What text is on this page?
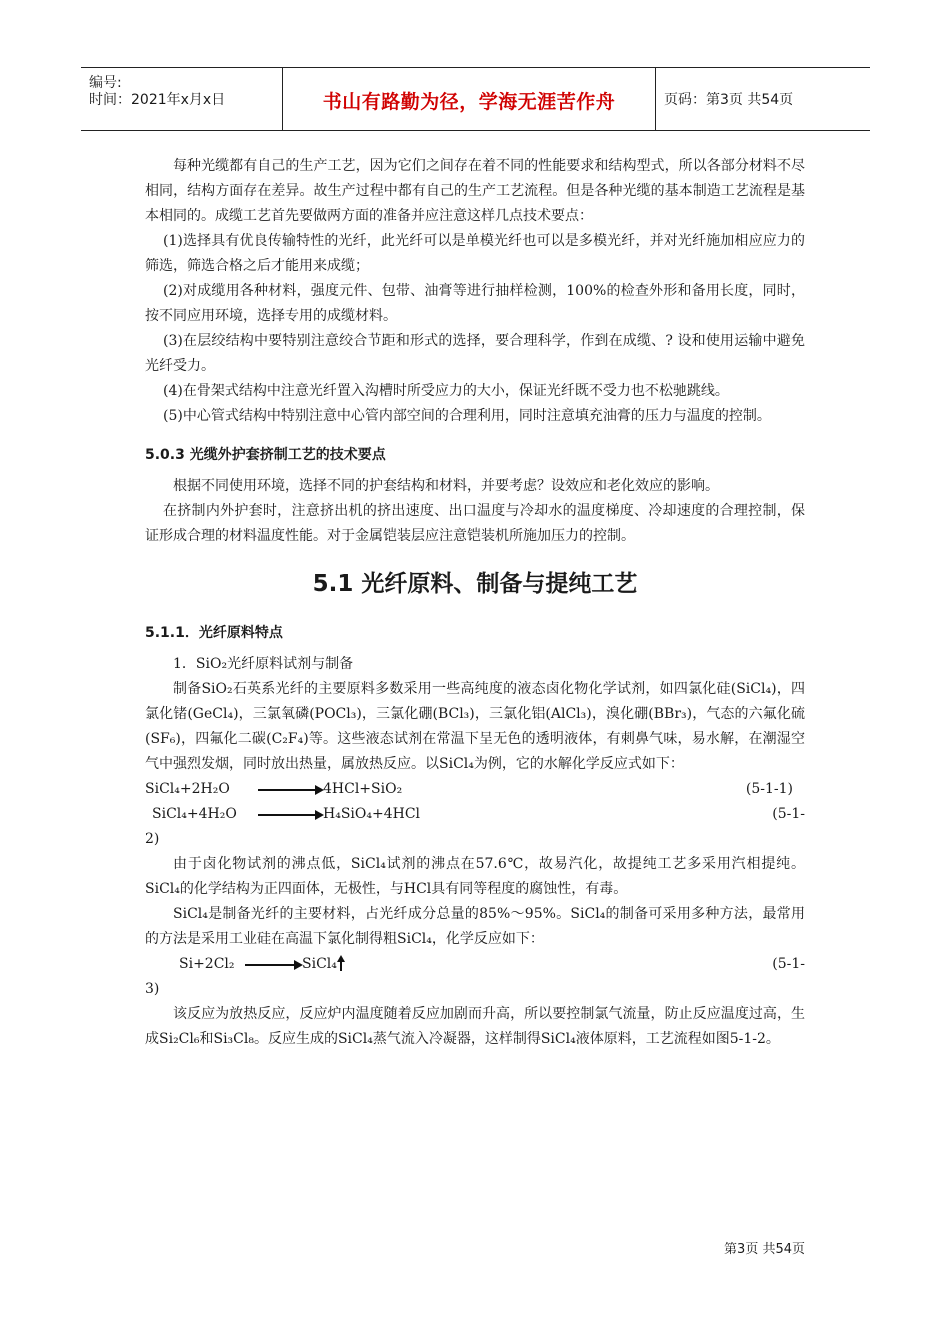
编号:
时间：2021年x月x日	书山有路勤为径，学海无涯苦作舟	页码：第3页 共54页

每种光缆都有自己的生产工艺，因为它们之间存在着不同的性能要求和结构型式，所以各部分材料不尽相同，结构方面存在差异。故生产过程中都有自己的生产工艺流程。但是各种光缆的基本制造工艺流程是基本相同的。成缆工艺首先要做两方面的准备并应注意这样几点技术要点：

(1)选择具有优良传输特性的光纤，此光纤可以是单模光纤也可以是多模光纤，并对光纤施加相应应力的筛选，筛选合格之后才能用来成缆；

(2)对成缆用各种材料，强度元件、包带、油膏等进行抽样检测，100%的检查外形和备用长度，同时，按不同应用环境，选择专用的成缆材料。

(3)在层绞结构中要特别注意绞合节距和形式的选择，要合理科学，作到在成缆、? 设和使用运输中避免光纤受力。

(4)在骨架式结构中注意光纤置入沟槽时所受应力的大小，保证光纤既不受力也不松驰跳线。

(5)中心管式结构中特别注意中心管内部空间的合理利用，同时注意填充油膏的压力与温度的控制。

5.0.3 光缆外护套挤制工艺的技术要点

根据不同使用环境，选择不同的护套结构和材料，并要考虑？设效应和老化效应的影响。

在挤制内外护套时，注意挤出机的挤出速度、出口温度与冷却水的温度梯度、冷却速度的合理控制，保证形成合理的材料温度性能。对于金属铠装层应注意铠装机所施加压力的控制。

5.1 光纤原料、制备与提纯工艺
5.1.1．光纤原料特点

1．SiO₂光纤原料试剂与制备

制备SiO₂石英系光纤的主要原料多数采用一些高纯度的液态卤化物化学试剂，如四氯化硅(SiCl₄)，四氯化锗(GeCl₄)，三氯氧磷(POCl₃)，三氯化硼(BCl₃)，三氯化铝(AlCl₃)，溴化硼(BBr₃)，气态的六氟化硫(SF₆)，四氟化二碳(C₂F₄)等。这些液态试剂在常温下呈无色的透明液体，有刺鼻气味，易水解，在潮湿空气中强烈发烟，同时放出热量，属放热反应。以SiCl₄为例，它的水解化学反应式如下：

SiCl₄+2H₂O	4HCl+SiO₂	(5-1-1)
SiCl₄+4H₂O	H₄SiO₄+4HCl	(5-1-

2)

由于卤化物试剂的沸点低，SiCl₄试剂的沸点在57.6℃，故易汽化，故提纯工艺多采用汽相提纯。SiCl₄的化学结构为正四面体，无极性，与HCl具有同等程度的腐蚀性，有毒。

SiCl₄是制备光纤的主要材料，占光纤成分总量的85%～95%。SiCl₄的制备可采用多种方法，最常用的方法是采用工业硅在高温下氯化制得粗SiCl₄，化学反应如下：

Si+2Cl₂	SiCl₄	(5-1-

3)

该反应为放热反应，反应炉内温度随着反应加剧而升高，所以要控制氯气流量，防止反应温度过高，生成Si₂Cl₆和Si₃Cl₈。反应生成的SiCl₄蒸气流入冷凝器，这样制得SiCl₄液体原料，工艺流程如图5-1-2。

第3页 共54页
